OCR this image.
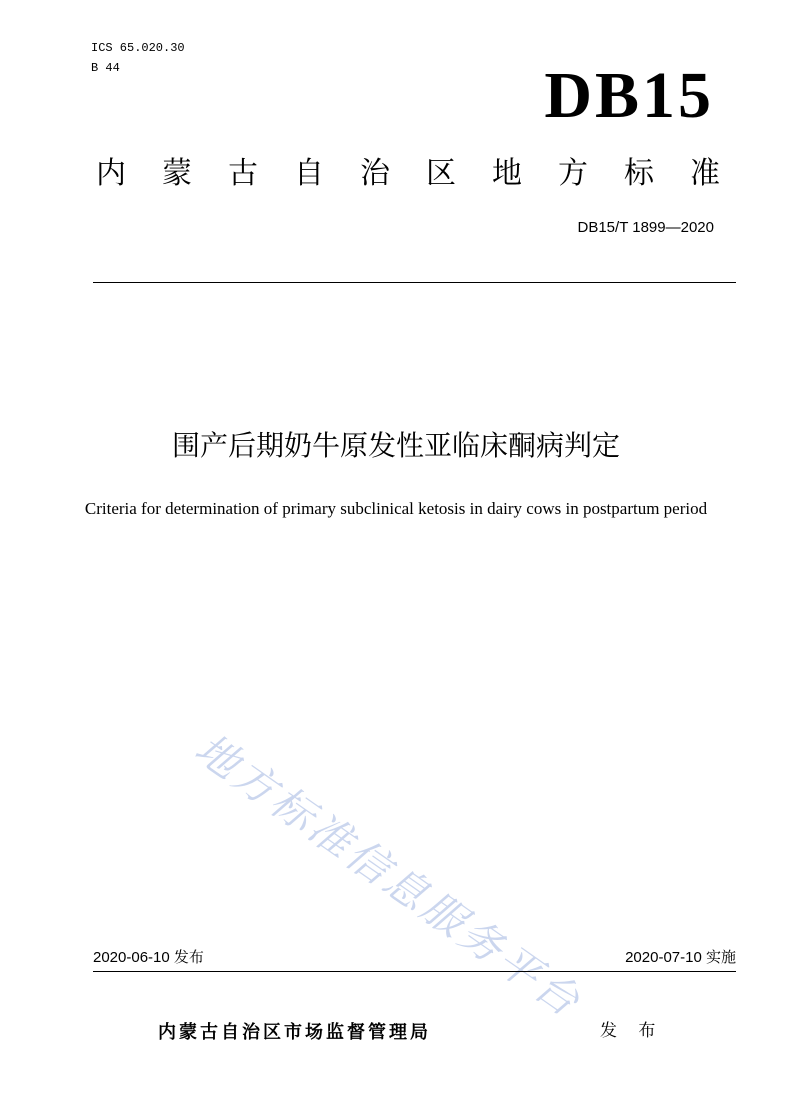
ICS 65.020.30
B 44	DB15
内 蒙 古 自 治 区 地 方 标 准
DB15/T 1899—2020
围产后期奶牛原发性亚临床酮病判定
Criteria for determination of primary subclinical ketosis in dairy cows in postpartum period
地方标准信息服务平台
2020-06-10 发布	2020-07-10 实施
内蒙古自治区市场监督管理局	发 布
